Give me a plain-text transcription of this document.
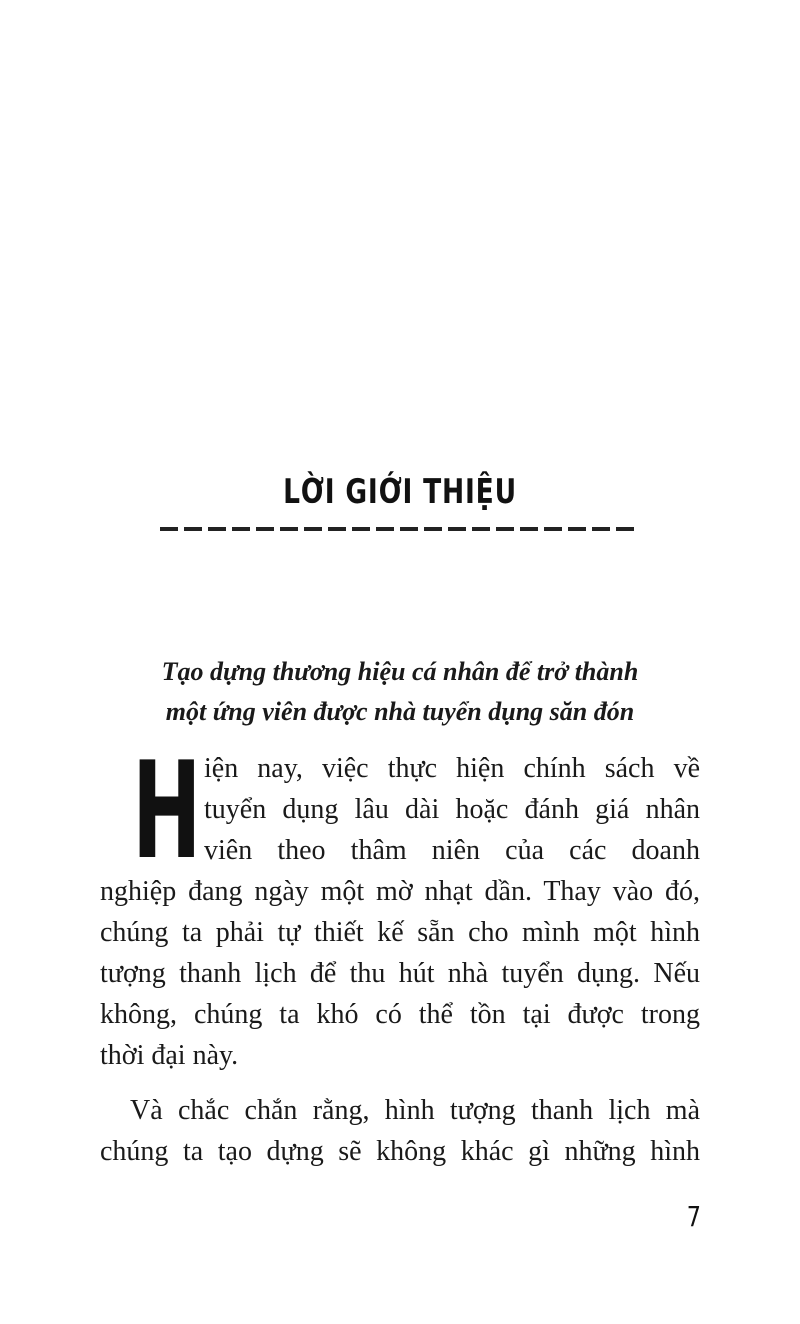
LỜI GIỚI THIỆU
Tạo dựng thương hiệu cá nhân để trở thành
một ứng viên được nhà tuyển dụng săn đón
H iện nay, việc thực hiện chính sách về
tuyển dụng lâu dài hoặc đánh giá nhân
viên theo thâm niên của các doanh
nghiệp đang ngày một mờ nhạt dần. Thay vào đó,
chúng ta phải tự thiết kế sẵn cho mình một hình
tượng thanh lịch để thu hút nhà tuyển dụng. Nếu
không, chúng ta khó có thể tồn tại được trong
thời đại này.
Và chắc chắn rằng, hình tượng thanh lịch mà
chúng ta tạo dựng sẽ không khác gì những hình
7
